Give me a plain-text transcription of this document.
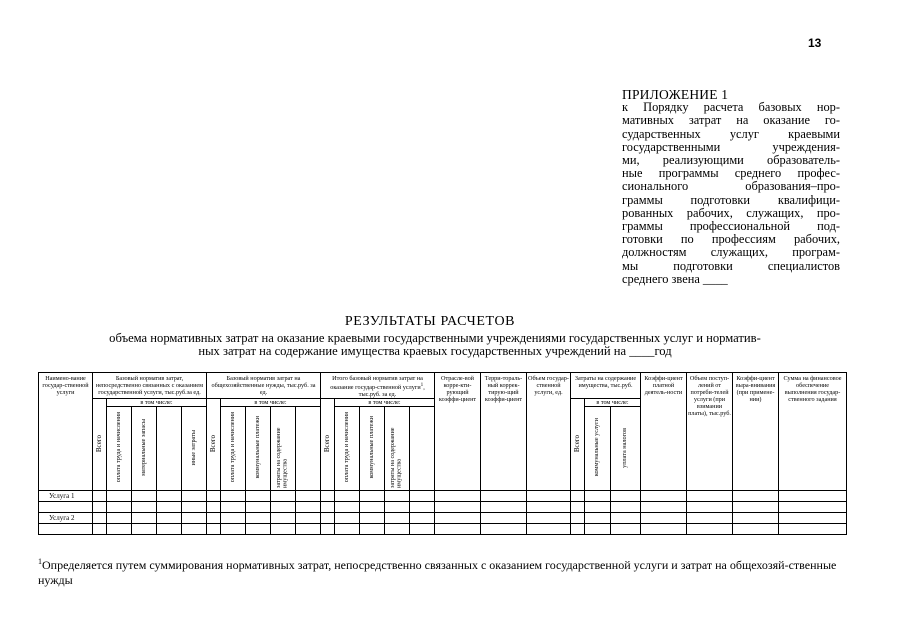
13
ПРИЛОЖЕНИЕ 1
к Порядку расчета базовых нор-
мативных затрат на оказание го-
сударственных услуг краевыми
государственными учреждения-
ми, реализующими образователь-
ные программы среднего профес-
сионального образования–про-
граммы подготовки квалифици-
рованных рабочих, служащих, про-
граммы профессиональной под-
готовки по профессиям рабочих,
должностям служащих, програм-
мы подготовки специалистов
среднего звена ____
РЕЗУЛЬТАТЫ РАСЧЕТОВ
объема нормативных затрат на оказание краевыми государственными учреждениями государственных услуг и норматив-
ных затрат на содержание имущества краевых государственных учреждений на ____год
Наимено-вание государ-ственной услуги	Базовый норматив затрат, непосредственно связанных с оказанием государственной услуги, тыс.руб.за ед.					Базовый норматив затрат на общехозяйственные нужды, тыс.руб. за ед.					Итого базовый норматив затрат на оказание государ-ственной услуги$^1$, тыс.руб. за ед.					Отрасле-вой корре-кти-рующий коэффи-циент	Терри-тораль-ный коррек-тирую-щий коэффи-циент	Объем государ-ственной услуги, ед.	Затраты на содержание имущества, тыс.руб.			Коэффи-циент платной деятель-ности	Объем поступ-лений от потреби-телей услуги (при взимании платы), тыс.руб.	Коэффи-циент выра-внивания (при примене-нии)	Сумма на финансовое обеспечение выполнения государ-ственного задания

	Всего	в том числе:				Всего	в том числе:				Всего	в том числе:							Всего	в том числе:					
		оплата труда и начисления	материальные запасы		иные затраты		оплата труда и начисления	коммунальные платежи	затраты на содержание имущества			оплата труда и начисления	коммунальные платежи	затраты на содержание имущества						коммунальные услуги	уплата налогов				
Услуга 1																									

Услуга 2																									

$^1$Определяется путем суммирования нормативных затрат, непосредственно связанных с оказанием государственной услуги и затрат на общехозяй-ственные нужды
